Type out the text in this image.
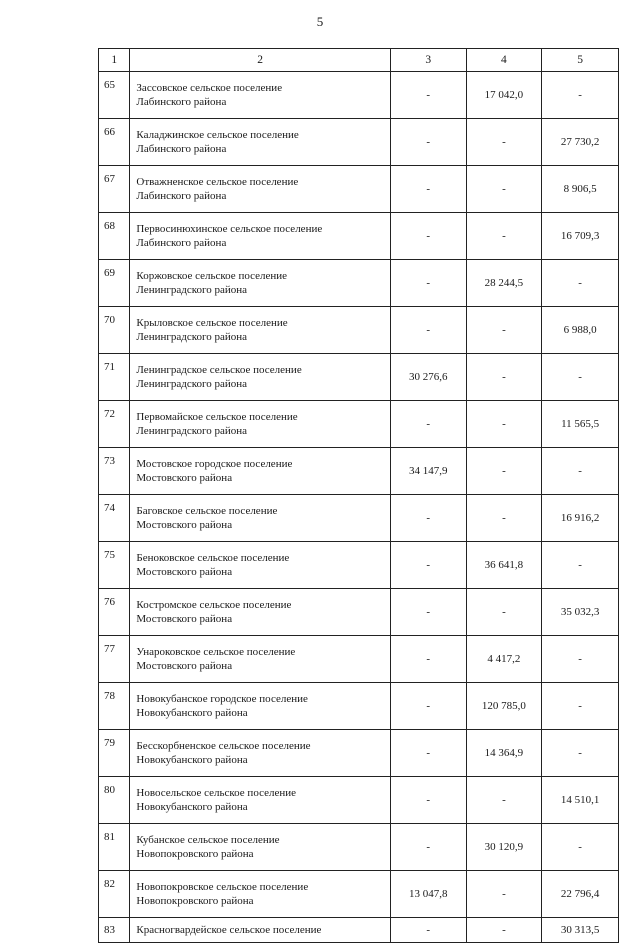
5
1	2	3	4	5
65	Зассовское сельское поселение
Лабинского района	-	17 042,0	-
66	Каладжинское сельское поселение
Лабинского района	-	-	27 730,2
67	Отважненское сельское поселение
Лабинского района	-	-	8 906,5
68	Первосинюхинское сельское поселение
Лабинского района	-	-	16 709,3
69	Коржовское сельское поселение
Ленинградского района	-	28 244,5	-
70	Крыловское сельское поселение
Ленинградского района	-	-	6 988,0
71	Ленинградское сельское поселение
Ленинградского района	30 276,6	-	-
72	Первомайское сельское поселение
Ленинградского района	-	-	11 565,5
73	Мостовское городское поселение
Мостовского района	34 147,9	-	-
74	Баговское сельское поселение
Мостовского района	-	-	16 916,2
75	Беноковское сельское поселение
Мостовского района	-	36 641,8	-
76	Костромское сельское поселение
Мостовского района	-	-	35 032,3
77	Унароковское сельское поселение
Мостовского района	-	4 417,2	-
78	Новокубанское городское поселение
Новокубанского района	-	120 785,0	-
79	Бесскорбненское сельское поселение
Новокубанского района	-	14 364,9	-
80	Новосельское сельское поселение
Новокубанского района	-	-	14 510,1
81	Кубанское сельское поселение
Новопокровского района	-	30 120,9	-
82	Новопокровское сельское поселение
Новопокровского района	13 047,8	-	22 796,4
83	Красногвардейское сельское поселение	-	-	30 313,5
